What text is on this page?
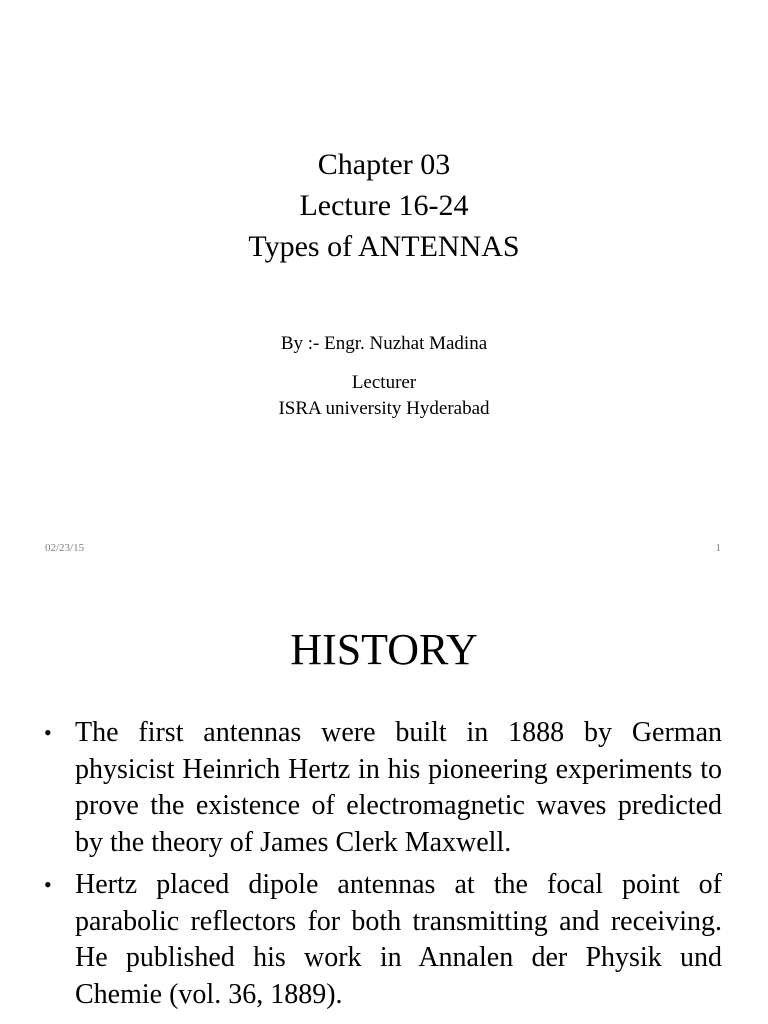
Chapter 03
Lecture 16-24
Types of ANTENNAS
By :- Engr. Nuzhat Madina
Lecturer
ISRA university Hyderabad
02/23/15	1
HISTORY
• The first antennas were built in 1888 by German physicist Heinrich Hertz in his pioneering experiments to prove the existence of electromagnetic waves predicted by the theory of James Clerk Maxwell.
• Hertz placed dipole antennas at the focal point of parabolic reflectors for both transmitting and receiving. He published his work in Annalen der Physik und Chemie (vol. 36, 1889).
